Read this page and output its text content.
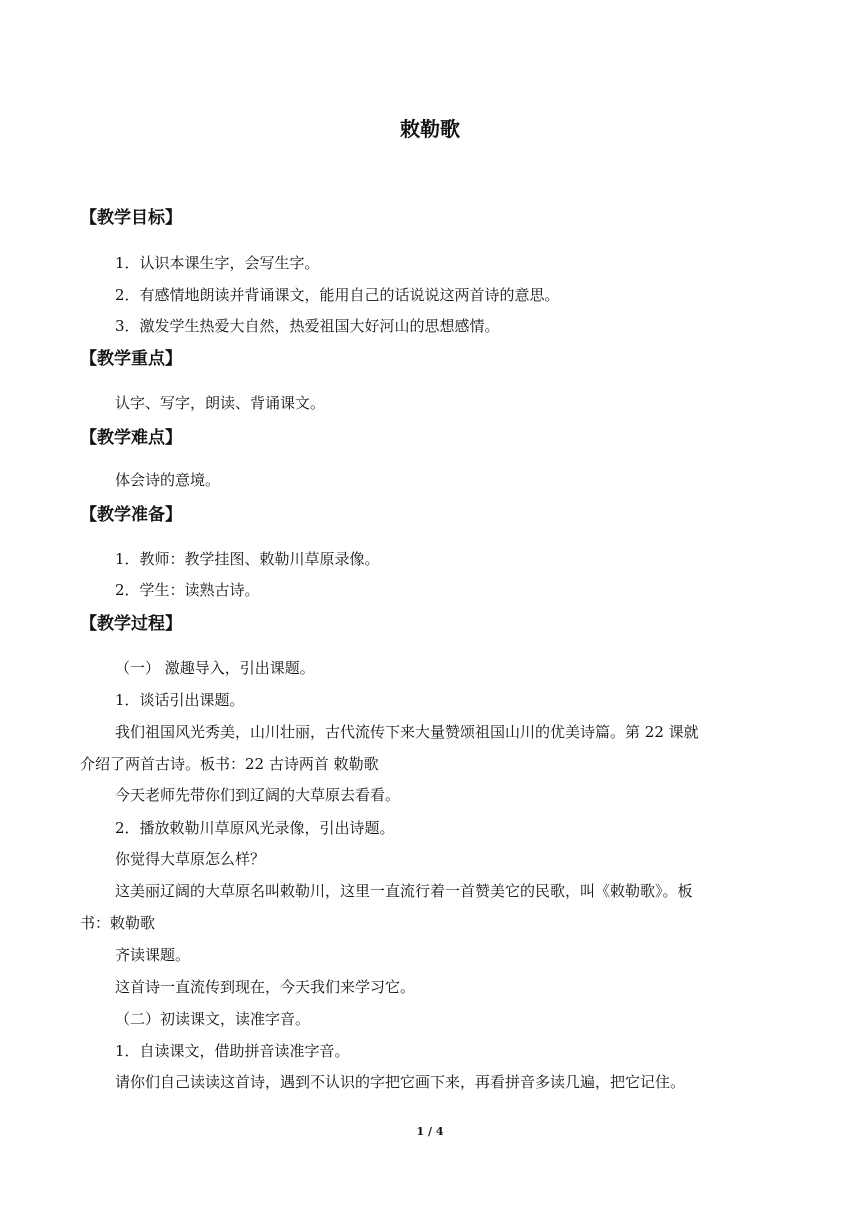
敕勒歌
【教学目标】

1．认识本课生字，会写生字。

2．有感情地朗读并背诵课文，能用自己的话说说这两首诗的意思。

3．激发学生热爱大自然，热爱祖国大好河山的思想感情。

【教学重点】

认字、写字，朗读、背诵课文。

【教学难点】

体会诗的意境。

【教学准备】

1．教师：教学挂图、敕勒川草原录像。

2．学生：读熟古诗。

【教学过程】

（一） 激趣导入，引出课题。

1．谈话引出课题。

我们祖国风光秀美，山川壮丽，古代流传下来大量赞颂祖国山川的优美诗篇。第 22 课就

介绍了两首古诗。板书：22 古诗两首 敕勒歌

今天老师先带你们到辽阔的大草原去看看。

2．播放敕勒川草原风光录像，引出诗题。

你觉得大草原怎么样？

这美丽辽阔的大草原名叫敕勒川，这里一直流行着一首赞美它的民歌，叫《敕勒歌》。板

书：敕勒歌

齐读课题。

这首诗一直流传到现在，今天我们来学习它。

（二）初读课文，读准字音。

1．自读课文，借助拼音读准字音。

请你们自己读读这首诗，遇到不认识的字把它画下来，再看拼音多读几遍，把它记住。

1 / 4
